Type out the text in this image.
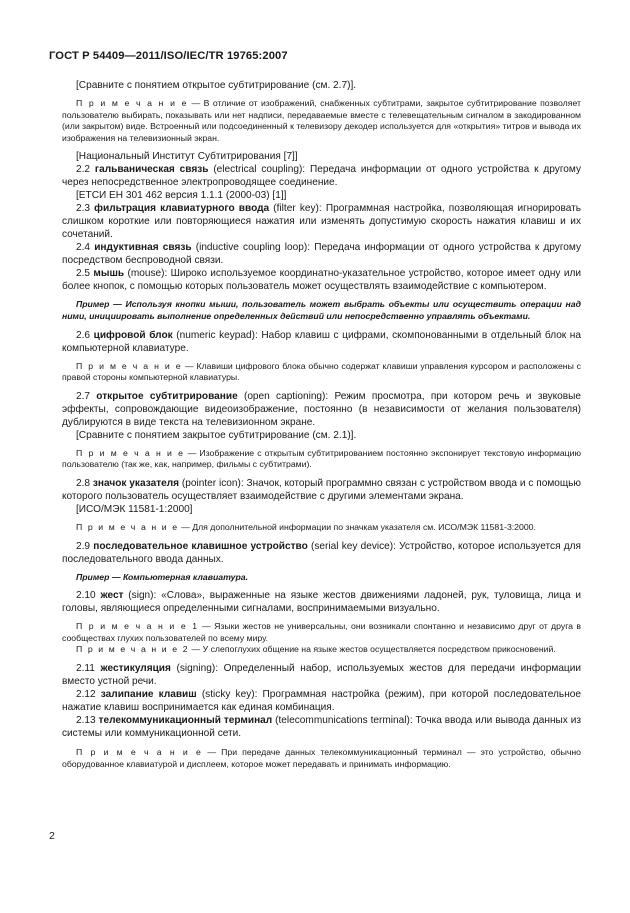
ГОСТ Р 54409—2011/ISO/IEC/TR 19765:2007

[Сравните с понятием открытое субтитрирование (см. 2.7)].

П р и м е ч а н и е — В отличие от изображений, снабженных субтитрами, закрытое субтитрирование позволяет пользователю выбирать, показывать или нет надписи, передаваемые вместе с телевещательным сигналом в закодированном (или закрытом) виде. Встроенный или подсоединенный к телевизору декодер используется для «открытия» титров и вывода их изображения на телевизионный экран.

[Национальный Институт Субтитрирования [7]]

2.2 гальваническая связь (electrical coupling): Передача информации от одного устройства к другому через непосредственное электропроводящее соединение.

[ЕТСИ ЕН 301 462 версия 1.1.1 (2000-03) [1]]

2.3 фильтрация клавиатурного ввода (filter key): Программная настройка, позволяющая игнорировать слишком короткие или повторяющиеся нажатия или изменять допустимую скорость нажатия клавиш и их сочетаний.

2.4 индуктивная связь (inductive coupling loop): Передача информации от одного устройства к другому посредством беспроводной связи.

2.5 мышь (mouse): Широко используемое координатно-указательное устройство, которое имеет одну или более кнопок, с помощью которых пользователь может осуществлять взаимодействие с компьютером.

Пример — Используя кнопки мыши, пользователь может выбрать объекты или осуществить операции над ними, инициировать выполнение определенных действий или непосредственно управлять объектами.

2.6 цифровой блок (numeric keypad): Набор клавиш с цифрами, скомпонованными в отдельный блок на компьютерной клавиатуре.

П р и м е ч а н и е — Клавиши цифрового блока обычно содержат клавиши управления курсором и расположены с правой стороны компьютерной клавиатуры.

2.7 открытое субтитрирование (open captioning): Режим просмотра, при котором речь и звуковые эффекты, сопровождающие видеоизображение, постоянно (в независимости от желания пользователя) дублируются в виде текста на телевизионном экране.

[Сравните с понятием закрытое субтитрирование (см. 2.1)].

П р и м е ч а н и е — Изображение с открытым субтитрированием постоянно экспонирует текстовую информацию пользователю (так же, как, например, фильмы с субтитрами).

2.8 значок указателя (pointer icon): Значок, который программно связан с устройством ввода и с помощью которого пользователь осуществляет взаимодействие с другими элементами экрана.

[ИСО/МЭК 11581-1:2000]

П р и м е ч а н и е — Для дополнительной информации по значкам указателя см. ИСО/МЭК 11581-3:2000.

2.9 последовательное клавишное устройство (serial key device): Устройство, которое используется для последовательного ввода данных.

Пример — Компьютерная клавиатура.

2.10 жест (sign): «Слова», выраженные на языке жестов движениями ладоней, рук, туловища, лица и головы, являющиеся определенными сигналами, воспринимаемыми визуально.

П р и м е ч а н и е 1 — Языки жестов не универсальны, они возникали спонтанно и независимо друг от друга в сообществах глухих пользователей по всему миру.

П р и м е ч а н и е 2 — У слепоглухих общение на языке жестов осуществляется посредством прикосновений.

2.11 жестикуляция (signing): Определенный набор, используемых жестов для передачи информации вместо устной речи.

2.12 залипание клавиш (sticky key): Программная настройка (режим), при которой последовательное нажатие клавиш воспринимается как единая комбинация.

2.13 телекоммуникационный терминал (telecommunications terminal): Точка ввода или вывода данных из системы или коммуникационной сети.

П р и м е ч а н и е — При передаче данных телекоммуникационный терминал — это устройство, обычно оборудованное клавиатурой и дисплеем, которое может передавать и принимать информацию.

2
